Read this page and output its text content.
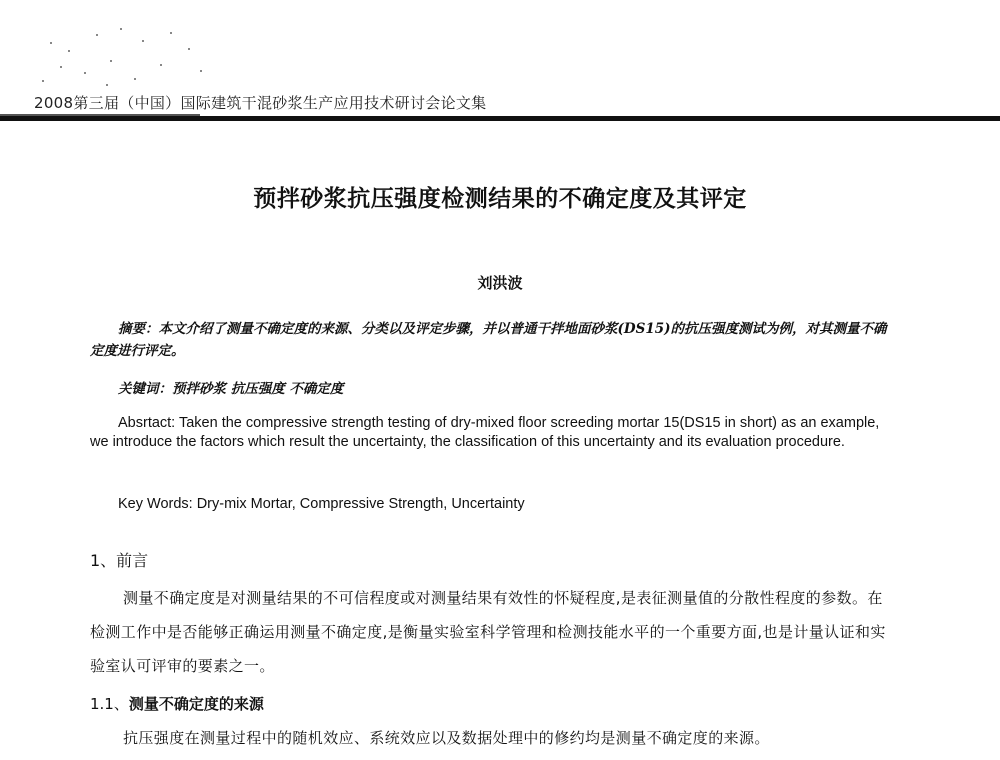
2008第三届（中国）国际建筑干混砂浆生产应用技术研讨会论文集
预拌砂浆抗压强度检测结果的不确定度及其评定
刘洪波
摘要：本文介绍了测量不确定度的来源、分类以及评定步骤，并以普通干拌地面砂浆(DS15)的抗压强度测试为例，对其测量不确定度进行评定。
关键词：预拌砂浆 抗压强度 不确定度
Absrtact: Taken the compressive strength testing of dry-mixed floor screeding mortar 15(DS15 in short) as an example, we introduce the factors which result the uncertainty, the classification of this uncertainty and its evaluation procedure.
Key Words: Dry-mix Mortar, Compressive Strength, Uncertainty
1、前言
测量不确定度是对测量结果的不可信程度或对测量结果有效性的怀疑程度,是表征测量值的分散性程度的参数。在检测工作中是否能够正确运用测量不确定度,是衡量实验室科学管理和检测技能水平的一个重要方面,也是计量认证和实验室认可评审的要素之一。
1.1、测量不确定度的来源
抗压强度在测量过程中的随机效应、系统效应以及数据处理中的修约均是测量不确定度的来源。
